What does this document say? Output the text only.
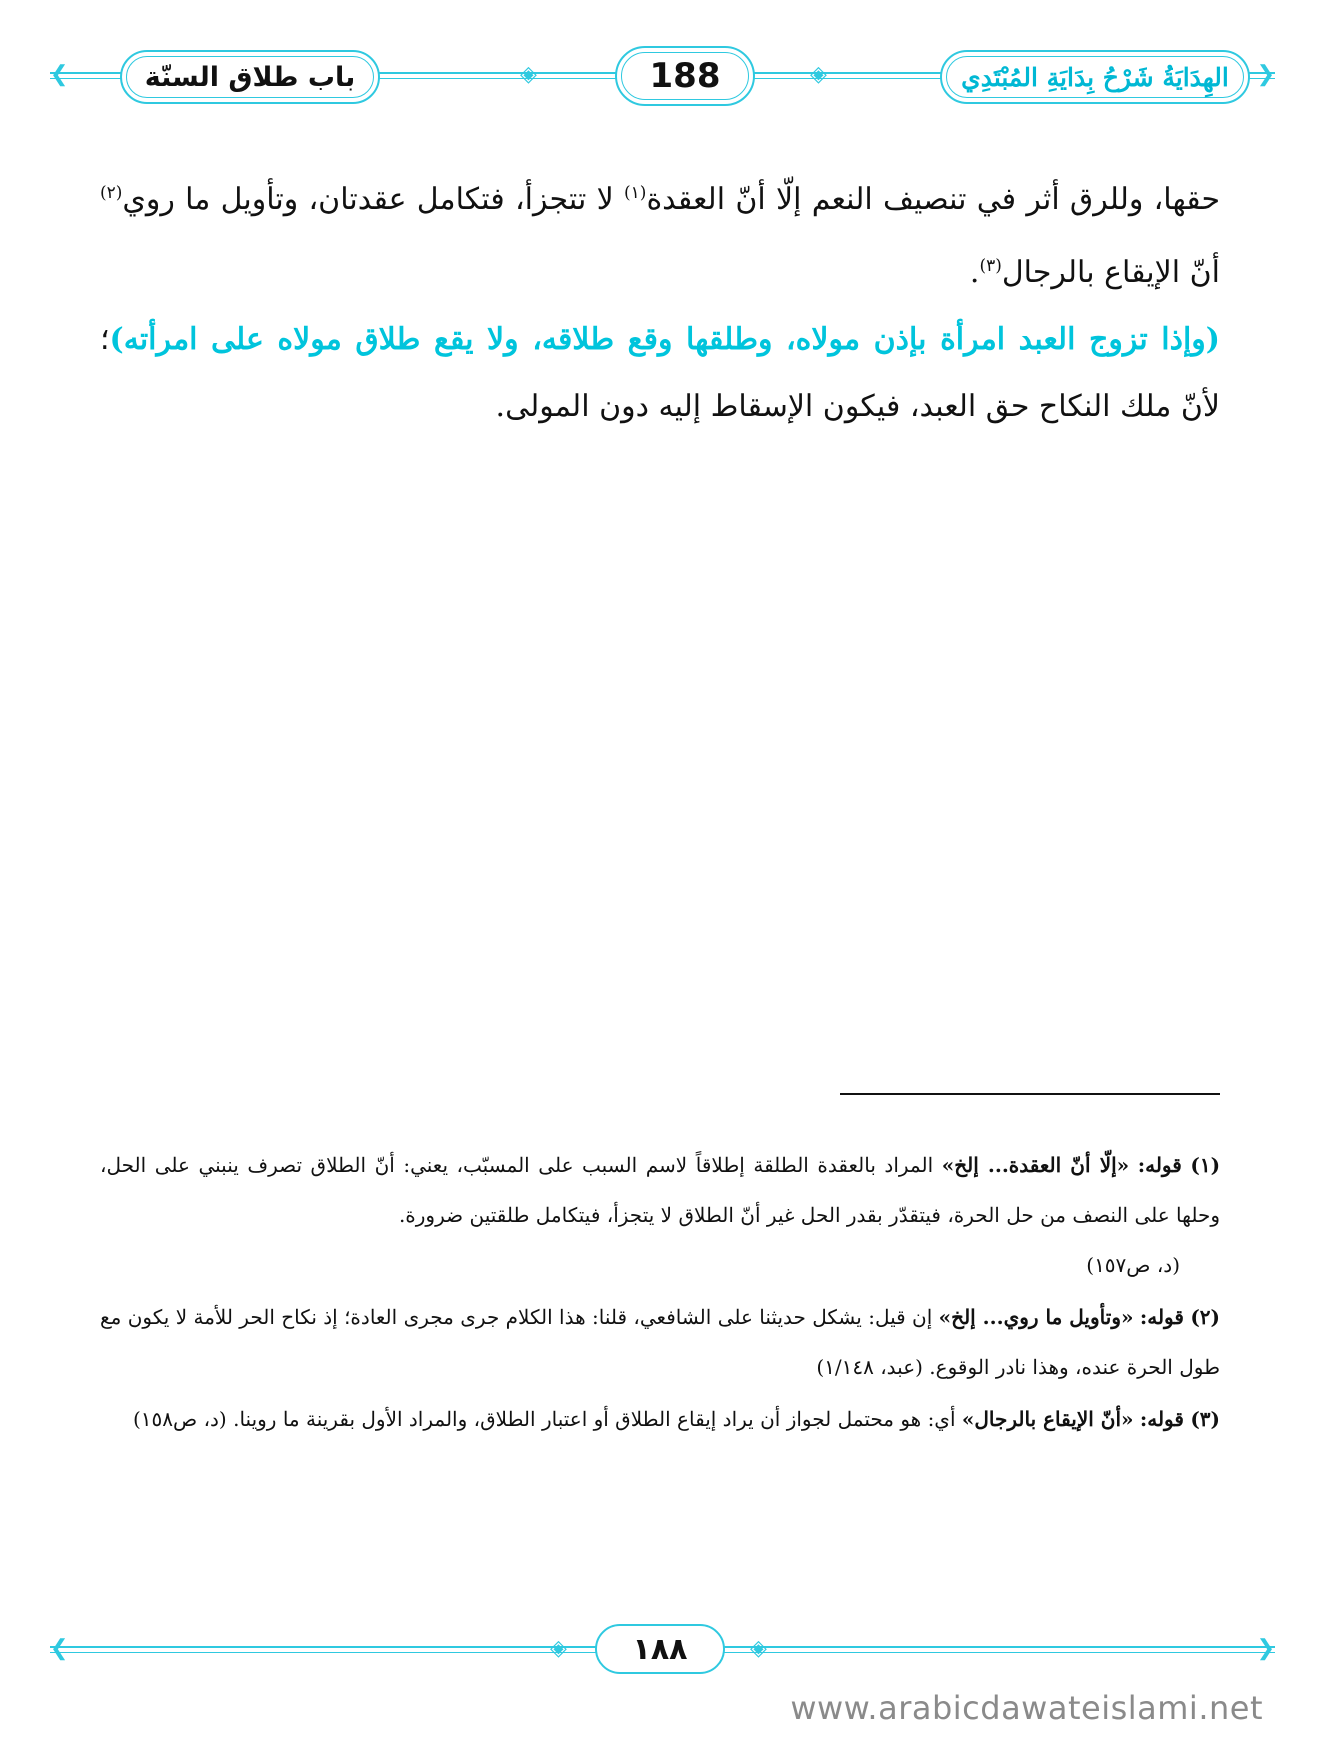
❮	❯
◈	◈
باب طلاق السنّة	188	الهِدَايَةُ شَرْحُ بِدَايَةِ المُبْتَدِي

حقها، وللرق أثر في تنصيف النعم إلّا أنّ العقدة$^{(١)}$ لا تتجزأ، فتكامل عقدتان، وتأويل ما روي$^{(٢)}$ أنّ الإيقاع بالرجال$^{(٣)}$.

(وإذا تزوج العبد امرأة بإذن مولاه، وطلقها وقع طلاقه، ولا يقع طلاق مولاه على امرأته)؛ لأنّ ملك النكاح حق العبد، فيكون الإسقاط إليه دون المولى.

(١) قوله: «إلّا أنّ العقدة... إلخ» المراد بالعقدة الطلقة إطلاقاً لاسم السبب على المسبّب، يعني: أنّ الطلاق تصرف ينبني على الحل، وحلها على النصف من حل الحرة، فيتقدّر بقدر الحل غير أنّ الطلاق لا يتجزأ، فيتكامل طلقتين ضرورة.
(د، ص١٥٧)

(٢) قوله: «وتأويل ما روي... إلخ» إن قيل: يشكل حديثنا على الشافعي، قلنا: هذا الكلام جرى مجرى العادة؛ إذ نكاح الحر للأمة لا يكون مع طول الحرة عنده، وهذا نادر الوقوع. (عبد، ١/١٤٨)

(٣) قوله: «أنّ الإيقاع بالرجال» أي: هو محتمل لجواز أن يراد إيقاع الطلاق أو اعتبار الطلاق، والمراد الأول بقرينة ما روينا. (د، ص١٥٨)

❮	❯
◈	◈
١٨٨
www.arabicdawateislami.net
